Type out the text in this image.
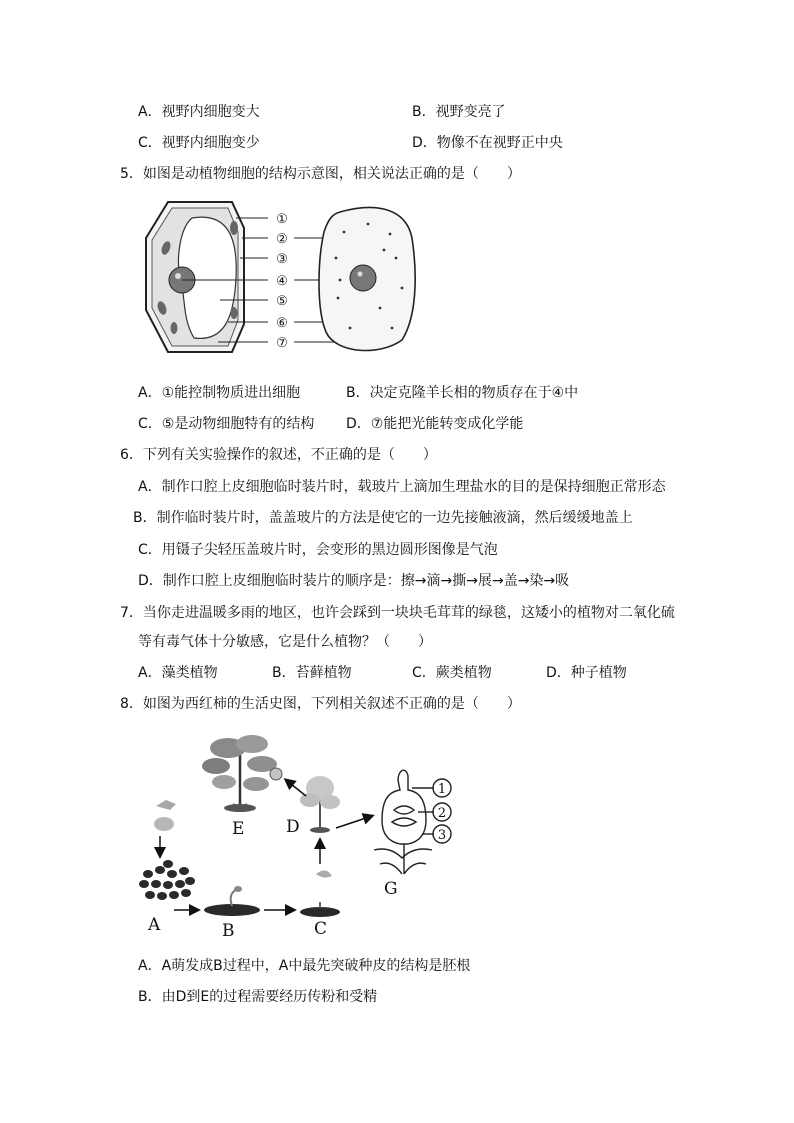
A．视野内细胞变大	B．视野变亮了
C．视野内细胞变少	D．物像不在视野正中央
5．如图是动植物细胞的结构示意图，相关说法正确的是（　　）
①
②
③
④
⑤
⑥
⑦
A．①能控制物质进出细胞	B．决定克隆羊长相的物质存在于④中
C．⑤是动物细胞特有的结构 D．⑦能把光能转变成化学能
6．下列有关实验操作的叙述，不正确的是（　　）
A．制作口腔上皮细胞临时装片时，载玻片上滴加生理盐水的目的是保持细胞正常形态
B．制作临时装片时，盖盖玻片的方法是使它的一边先接触液滴，然后缓缓地盖上
C．用镊子尖轻压盖玻片时，会变形的黑边圆形图像是气泡
D．制作口腔上皮细胞临时装片的顺序是：擦→滴→撕→展→盖→染→吸
7．当你走进温暖多雨的地区，也许会踩到一块块毛茸茸的绿毯，这矮小的植物对二氧化硫
等有毒气体十分敏感，它是什么植物？（　　）
A．藻类植物	B．苔藓植物	C．蕨类植物	D．种子植物
8．如图为西红柿的生活史图，下列相关叙述不正确的是（　　）
E D
A	B	C
G
1
2
3
A．A萌发成B过程中，A中最先突破种皮的结构是胚根
B．由D到E的过程需要经历传粉和受精
